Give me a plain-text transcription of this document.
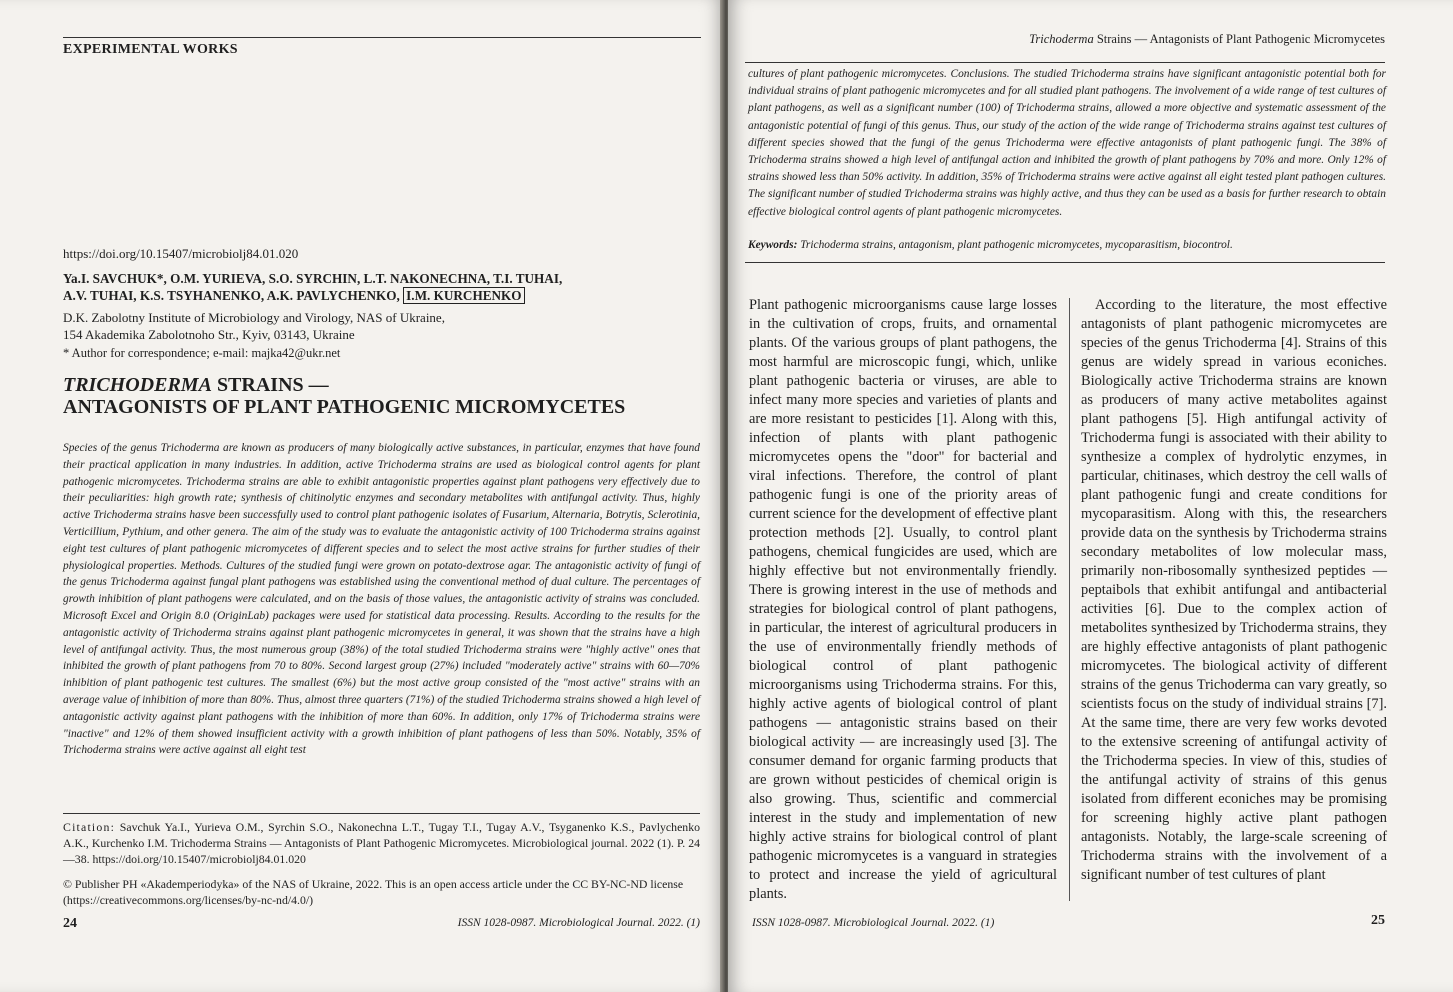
EXPERIMENTAL WORKS
https://doi.org/10.15407/microbiolj84.01.020
Ya.I. SAVCHUK*, O.M. YURIEVA, S.O. SYRCHIN, L.T. NAKONECHNA, T.I. TUHAI,
A.V. TUHAI, K.S. TSYHANENKO, A.K. PAVLYCHENKO, I.M. KURCHENKO
D.K. Zabolotny Institute of Microbiology and Virology, NAS of Ukraine,
154 Akademika Zabolotnoho Str., Kyiv, 03143, Ukraine
* Author for correspondence; e-mail: majka42@ukr.net
TRICHODERMA STRAINS —
ANTAGONISTS OF PLANT PATHOGENIC MICROMYCETES
Species of the genus Trichoderma are known as producers of many biologically active substances, in particular, enzymes that have found their practical application in many industries. In addition, active Trichoderma strains are used as biological control agents for plant pathogenic micromycetes. Trichoderma strains are able to exhibit antagonistic properties against plant pathogens very effectively due to their peculiarities: high growth rate; synthesis of chitinolytic enzymes and secondary metabolites with antifungal activity. Thus, highly active Trichoderma strains hasve been successfully used to control plant pathogenic isolates of Fusarium, Alternaria, Botrytis, Sclerotinia, Verticillium, Pythium, and other genera. The aim of the study was to evaluate the antagonistic activity of 100 Trichoderma strains against eight test cultures of plant pathogenic micromycetes of different species and to select the most active strains for further studies of their physiological properties. Methods. Cultures of the studied fungi were grown on potato-dextrose agar. The antagonistic activity of fungi of the genus Trichoderma against fungal plant pathogens was established using the conventional method of dual culture. The percentages of growth inhibition of plant pathogens were calculated, and on the basis of those values, the antagonistic activity of strains was concluded. Microsoft Excel and Origin 8.0 (OriginLab) packages were used for statistical data processing. Results. According to the results for the antagonistic activity of Trichoderma strains against plant pathogenic micromycetes in general, it was shown that the strains have a high level of antifungal activity. Thus, the most numerous group (38%) of the total studied Trichoderma strains were "highly active" ones that inhibited the growth of plant pathogens from 70 to 80%. Second largest group (27%) included "moderately active" strains with 60—70% inhibition of plant pathogenic test cultures. The smallest (6%) but the most active group consisted of the "most active" strains with an average value of inhibition of more than 80%. Thus, almost three quarters (71%) of the studied Trichoderma strains showed a high level of antagonistic activity against plant pathogens with the inhibition of more than 60%. In addition, only 17% of Trichoderma strains were "inactive" and 12% of them showed insufficient activity with a growth inhibition of plant pathogens of less than 50%. Notably, 35% of Trichoderma strains were active against all eight test
Citation: Savchuk Ya.I., Yurieva O.M., Syrchin S.O., Nakonechna L.T., Tugay T.I., Tugay A.V., Tsyganenko K.S., Pavlychenko A.K., Kurchenko I.M. Trichoderma Strains — Antagonists of Plant Pathogenic Micromycetes. Microbiological journal. 2022 (1). P. 24—38. https://doi.org/10.15407/microbiolj84.01.020
© Publisher PH «Akademperiodyka» of the NAS of Ukraine, 2022. This is an open access article under the CC BY-NC-ND license (https://creativecommons.org/licenses/by-nc-nd/4.0/)
24	ISSN 1028-0987. Microbiological Journal. 2022. (1)
Trichoderma Strains — Antagonists of Plant Pathogenic Micromycetes
cultures of plant pathogenic micromycetes. Conclusions. The studied Trichoderma strains have significant antagonistic potential both for individual strains of plant pathogenic micromycetes and for all studied plant pathogens. The involvement of a wide range of test cultures of plant pathogens, as well as a significant number (100) of Trichoderma strains, allowed a more objective and systematic assessment of the antagonistic potential of fungi of this genus. Thus, our study of the action of the wide range of Trichoderma strains against test cultures of different species showed that the fungi of the genus Trichoderma were effective antagonists of plant pathogenic fungi. The 38% of Trichoderma strains showed a high level of antifungal action and inhibited the growth of plant pathogens by 70% and more. Only 12% of strains showed less than 50% activity. In addition, 35% of Trichoderma strains were active against all eight tested plant pathogen cultures. The significant number of studied Trichoderma strains was highly active, and thus they can be used as a basis for further research to obtain effective biological control agents of plant pathogenic micromycetes.
Keywords: Trichoderma strains, antagonism, plant pathogenic micromycetes, mycoparasitism, biocontrol.

Plant pathogenic microorganisms cause large losses in the cultivation of crops, fruits, and ornamental plants. Of the various groups of plant pathogens, the most harmful are microscopic fungi, which, unlike plant pathogenic bacteria or viruses, are able to infect many more species and varieties of plants and are more resistant to pesticides [1]. Along with this, infection of plants with plant pathogenic micromycetes opens the "door" for bacterial and viral infections. Therefore, the control of plant pathogenic fungi is one of the priority areas of current science for the development of effective plant protection methods [2]. Usually, to control plant pathogens, chemical fungicides are used, which are highly effective but not environmentally friendly. There is growing interest in the use of methods and strategies for biological control of plant pathogens, in particular, the interest of agricultural producers in the use of environmentally friendly methods of biological control of plant pathogenic microorganisms using Trichoderma strains. For this, highly active agents of biological control of plant pathogens — antagonistic strains based on their biological activity — are increasingly used [3]. The consumer demand for organic farming products that are grown without pesticides of chemical origin is also growing. Thus, scientific and commercial interest in the study and implementation of new highly active strains for biological control of plant pathogenic micromycetes is a vanguard in strategies to protect and increase the yield of agricultural plants.

According to the literature, the most effective antagonists of plant pathogenic micromycetes are species of the genus Trichoderma [4]. Strains of this genus are widely spread in various econiches. Biologically active Trichoderma strains are known as producers of many active metabolites against plant pathogens [5]. High antifungal activity of Trichoderma fungi is associated with their ability to synthesize a complex of hydrolytic enzymes, in particular, chitinases, which destroy the cell walls of plant pathogenic fungi and create conditions for mycoparasitism. Along with this, the researchers provide data on the synthesis by Trichoderma strains secondary metabolites of low molecular mass, primarily non-ribosomally synthesized peptides — peptaibols that exhibit antifungal and antibacterial activities [6]. Due to the complex action of metabolites synthesized by Trichoderma strains, they are highly effective antagonists of plant pathogenic micromycetes. The biological activity of different strains of the genus Trichoderma can vary greatly, so scientists focus on the study of individual strains [7]. At the same time, there are very few works devoted to the extensive screening of antifungal activity of the Trichoderma species. In view of this, studies of the antifungal activity of strains of this genus isolated from different econiches may be promising for screening highly active plant pathogen antagonists. Notably, the large-scale screening of Trichoderma strains with the involvement of a significant number of test cultures of plant

ISSN 1028-0987. Microbiological Journal. 2022. (1)	25
